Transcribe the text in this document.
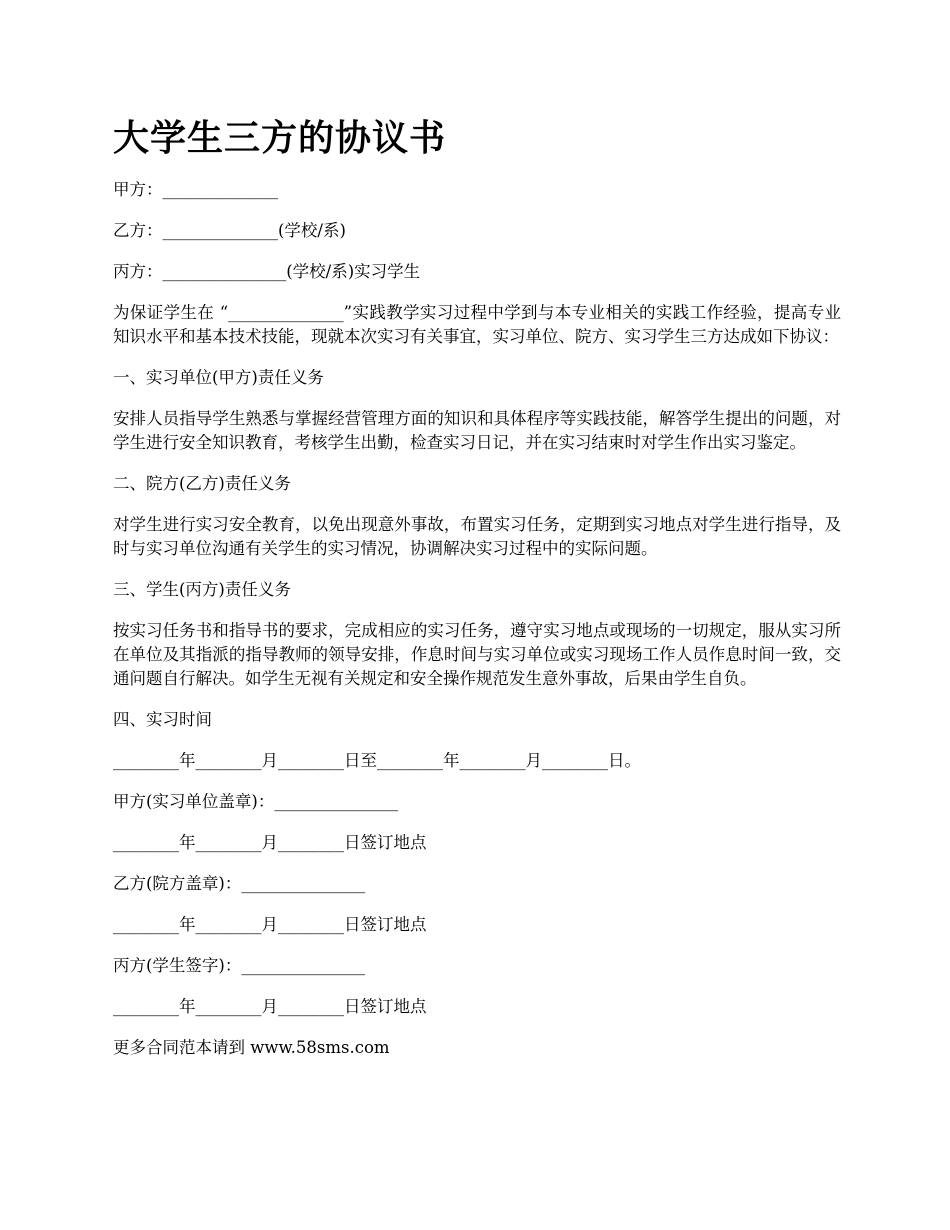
大学生三方的协议书

甲方：______________

乙方：______________(学校/系)

丙方：_______________(学校/系)实习学生

为保证学生在 “______________”实践教学实习过程中学到与本专业相关的实践工作经验，提高专业知识水平和基本技术技能，现就本次实习有关事宜，实习单位、院方、实习学生三方达成如下协议：

一、实习单位(甲方)责任义务

安排人员指导学生熟悉与掌握经营管理方面的知识和具体程序等实践技能，解答学生提出的问题，对学生进行安全知识教育，考核学生出勤，检查实习日记，并在实习结束时对学生作出实习鉴定。

二、院方(乙方)责任义务

对学生进行实习安全教育，以免出现意外事故，布置实习任务，定期到实习地点对学生进行指导，及时与实习单位沟通有关学生的实习情况，协调解决实习过程中的实际问题。

三、学生(丙方)责任义务

按实习任务书和指导书的要求，完成相应的实习任务，遵守实习地点或现场的一切规定，服从实习所在单位及其指派的指导教师的领导安排，作息时间与实习单位或实习现场工作人员作息时间一致，交通问题自行解决。如学生无视有关规定和安全操作规范发生意外事故，后果由学生自负。

四、实习时间

________年________月________日至________年________月________日。

甲方(实习单位盖章)：_______________

________年________月________日签订地点

乙方(院方盖章)：_______________

________年________月________日签订地点

丙方(学生签字)：_______________

________年________月________日签订地点

更多合同范本请到 www.58sms.com
